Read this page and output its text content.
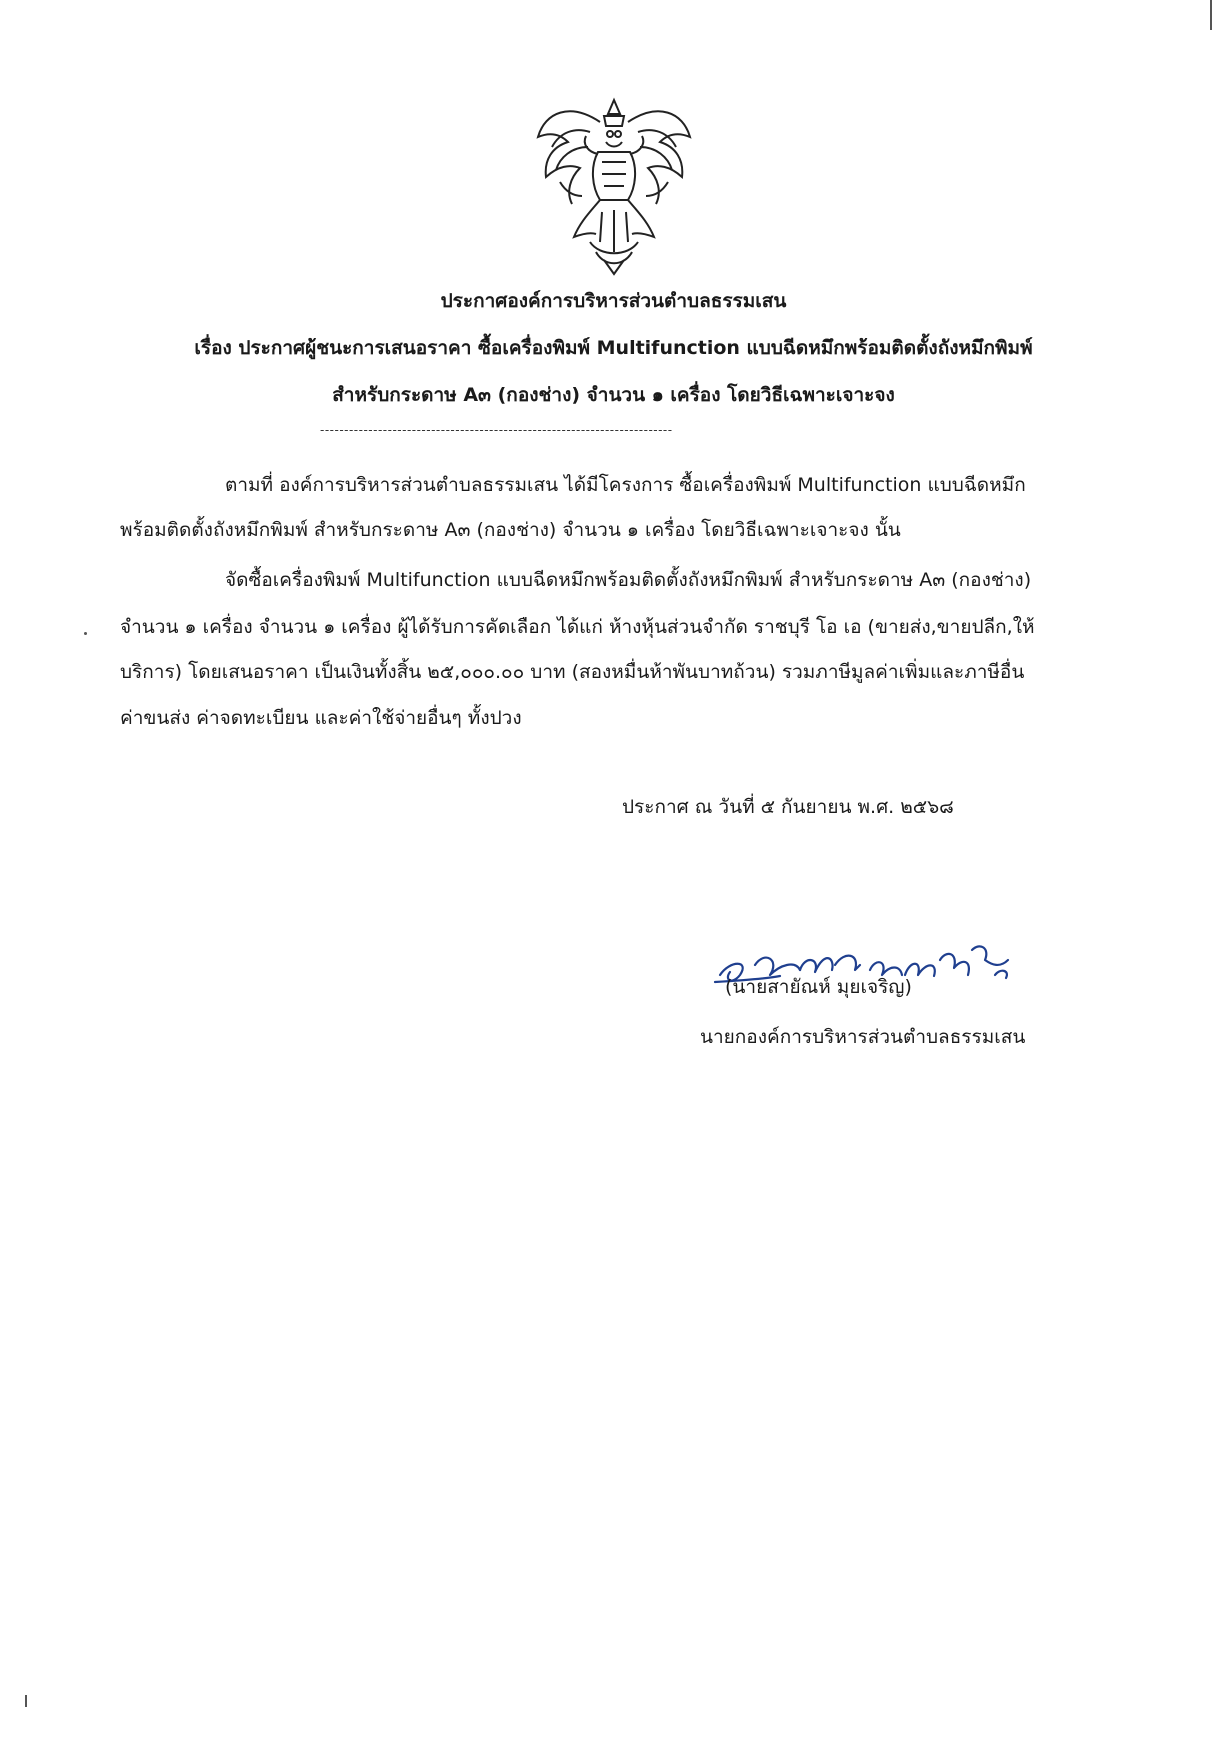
ประกาศองค์การบริหารส่วนตำบลธรรมเสน
เรื่อง ประกาศผู้ชนะการเสนอราคา ซื้อเครื่องพิมพ์ Multifunction แบบฉีดหมึกพร้อมติดตั้งถังหมึกพิมพ์
สำหรับกระดาษ A๓ (กองช่าง) จำนวน ๑ เครื่อง โดยวิธีเฉพาะเจาะจง
-------------------------------------------------------------------------
ตามที่ องค์การบริหารส่วนตำบลธรรมเสน ได้มีโครงการ ซื้อเครื่องพิมพ์ Multifunction แบบฉีดหมึก
พร้อมติดตั้งถังหมึกพิมพ์ สำหรับกระดาษ A๓ (กองช่าง) จำนวน ๑ เครื่อง โดยวิธีเฉพาะเจาะจง นั้น
จัดซื้อเครื่องพิมพ์ Multifunction แบบฉีดหมึกพร้อมติดตั้งถังหมึกพิมพ์ สำหรับกระดาษ A๓ (กองช่าง)
จำนวน ๑ เครื่อง จำนวน ๑ เครื่อง ผู้ได้รับการคัดเลือก ได้แก่ ห้างหุ้นส่วนจำกัด ราชบุรี โอ เอ (ขายส่ง,ขายปลีก,ให้
บริการ) โดยเสนอราคา เป็นเงินทั้งสิ้น ๒๕,๐๐๐.๐๐ บาท (สองหมื่นห้าพันบาทถ้วน) รวมภาษีมูลค่าเพิ่มและภาษีอื่น
ค่าขนส่ง ค่าจดทะเบียน และค่าใช้จ่ายอื่นๆ ทั้งปวง
ประกาศ ณ วันที่ ๕ กันยายน พ.ศ. ๒๕๖๘
(นายสายัณห์ มุยเจริญ)
นายกองค์การบริหารส่วนตำบลธรรมเสน
